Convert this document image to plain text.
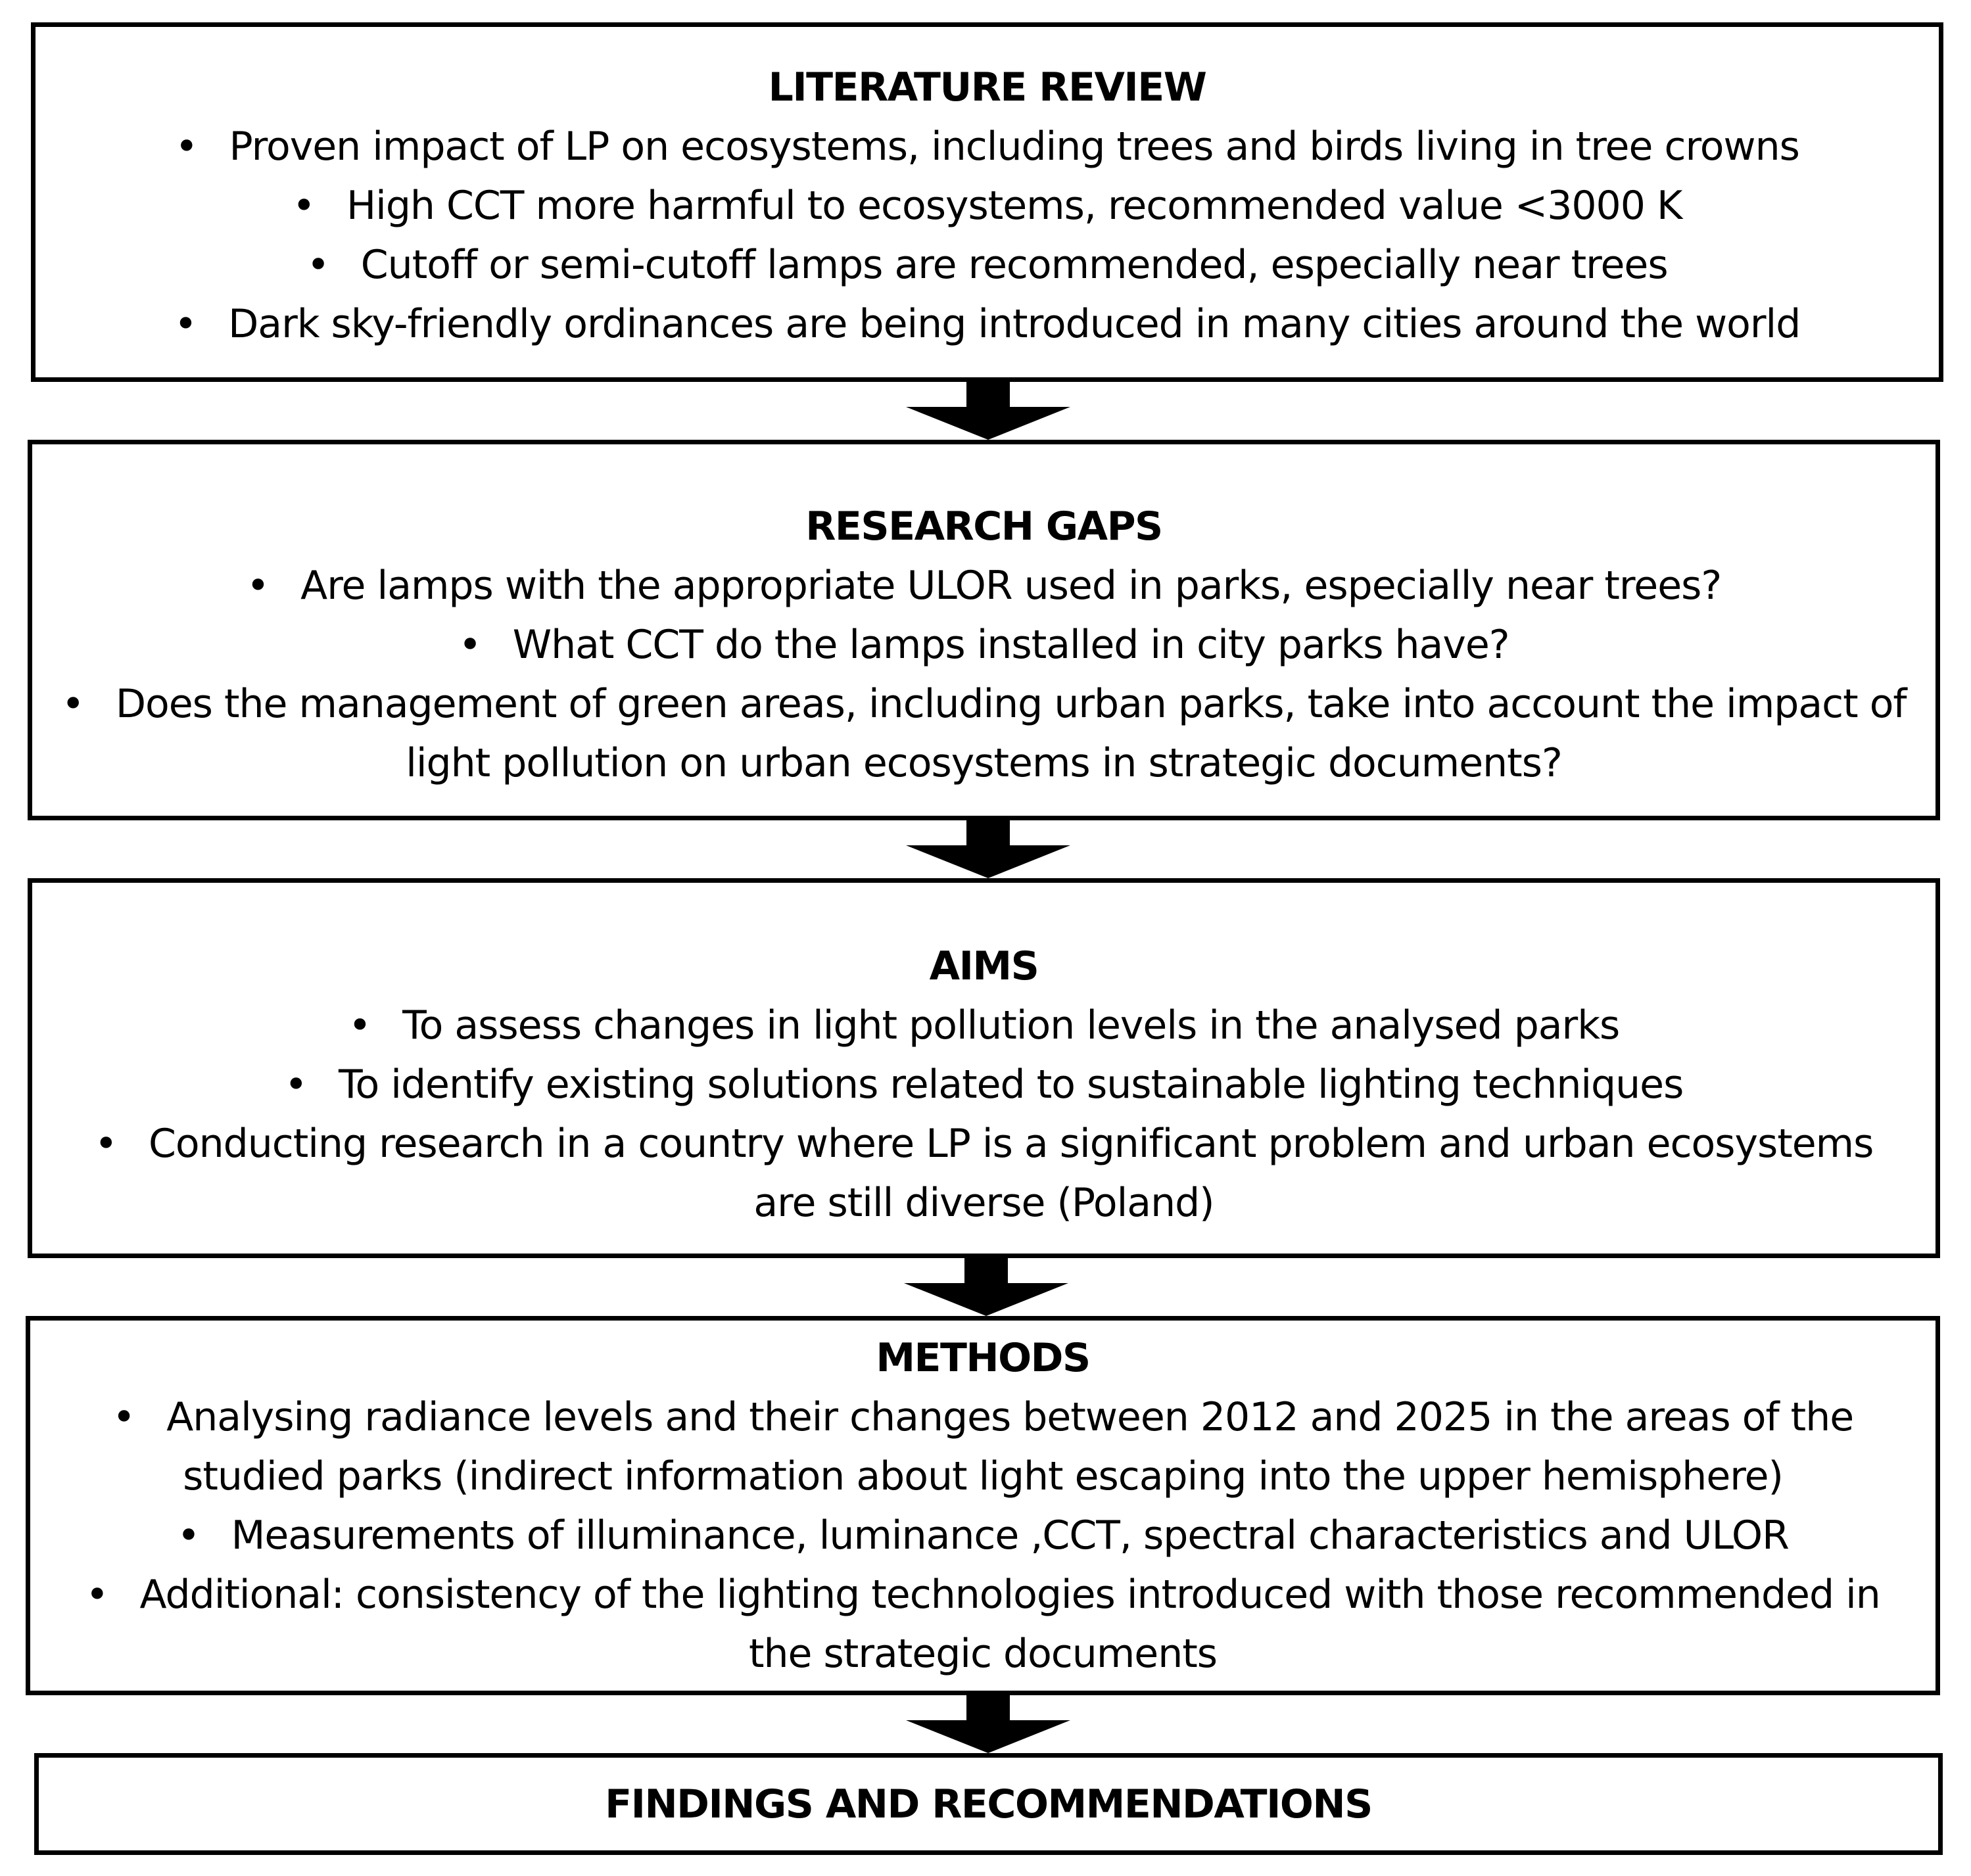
LITERATURE REVIEW
• Proven impact of LP on ecosystems, including trees and birds living in tree crowns
• High CCT more harmful to ecosystems, recommended value <3000 K
• Cutoff or semi-cutoff lamps are recommended, especially near trees
• Dark sky-friendly ordinances are being introduced in many cities around the world
RESEARCH GAPS
• Are lamps with the appropriate ULOR used in parks, especially near trees?
• What CCT do the lamps installed in city parks have?
• Does the management of green areas, including urban parks, take into account the impact of light pollution on urban ecosystems in strategic documents?
AIMS
• To assess changes in light pollution levels in the analysed parks
• To identify existing solutions related to sustainable lighting techniques
• Conducting research in a country where LP is a significant problem and urban ecosystems are still diverse (Poland)
METHODS
• Analysing radiance levels and their changes between 2012 and 2025 in the areas of the studied parks (indirect information about light escaping into the upper hemisphere)
• Measurements of illuminance, luminance ,CCT, spectral characteristics and ULOR
• Additional: consistency of the lighting technologies introduced with those recommended in the strategic documents
FINDINGS AND RECOMMENDATIONS
